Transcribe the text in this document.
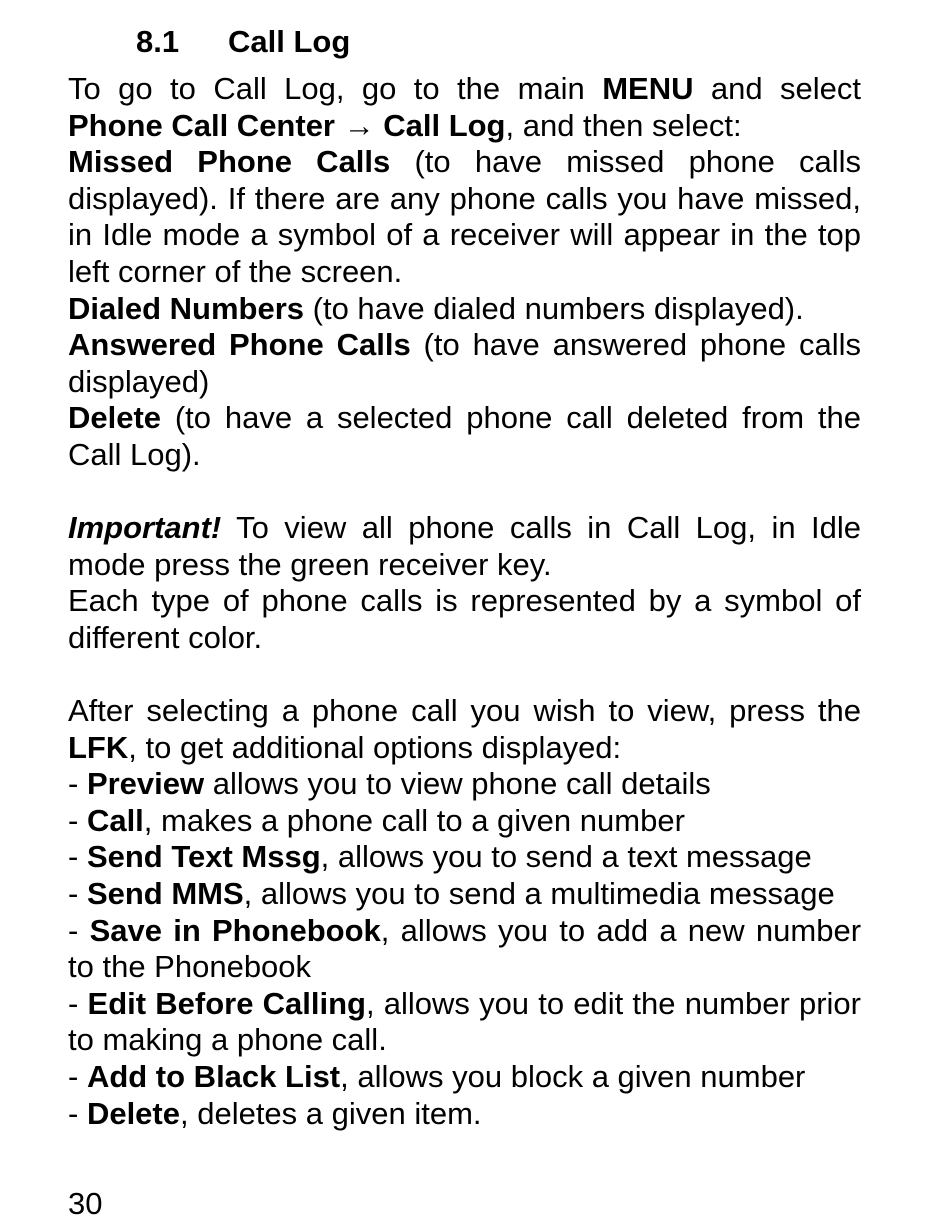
8.1 Call Log

To go to Call Log, go to the main MENU and select Phone Call Center → Call Log, and then select:

Missed Phone Calls (to have missed phone calls displayed). If there are any phone calls you have missed, in Idle mode a symbol of a receiver will appear in the top left corner of the screen.

Dialed Numbers (to have dialed numbers displayed).

Answered Phone Calls (to have answered phone calls displayed)

Delete (to have a selected phone call deleted from the Call Log).

Important! To view all phone calls in Call Log, in Idle mode press the green receiver key.

Each type of phone calls is represented by a symbol of different color.

After selecting a phone call you wish to view, press the LFK, to get additional options displayed:

- Preview allows you to view phone call details

- Call, makes a phone call to a given number

- Send Text Mssg, allows you to send a text message

- Send MMS, allows you to send a multimedia message

- Save in Phonebook, allows you to add a new number to the Phonebook

- Edit Before Calling, allows you to edit the number prior to making a phone call.

- Add to Black List, allows you block a given number

- Delete, deletes a given item.

30
